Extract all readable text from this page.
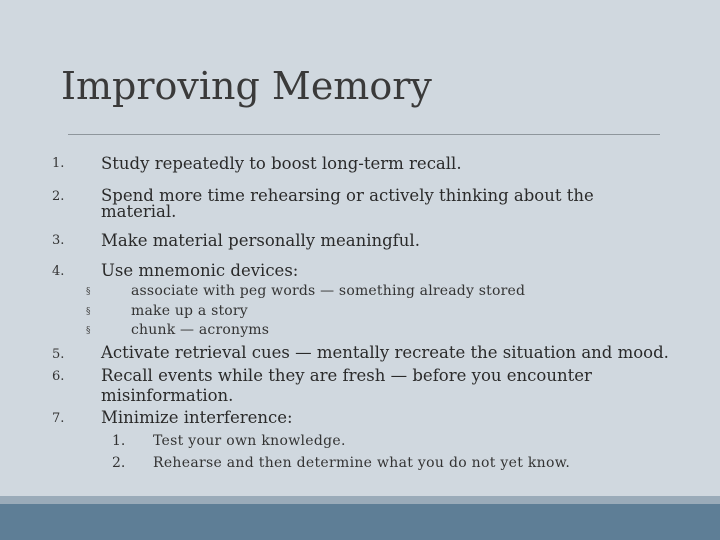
Improving Memory
1. Study repeatedly to boost long-term recall.
2. Spend more time rehearsing or actively thinking about the
material.
3. Make material personally meaningful.
4. Use mnemonic devices:
§	associate with peg words — something already stored
§	make up a story
§	chunk — acronyms
5. Activate retrieval cues — mentally recreate the situation and mood.
6. Recall events while they are fresh — before you encounter
misinformation.
7. Minimize interference:
1. Test your own knowledge.
2. Rehearse and then determine what you do not yet know.
